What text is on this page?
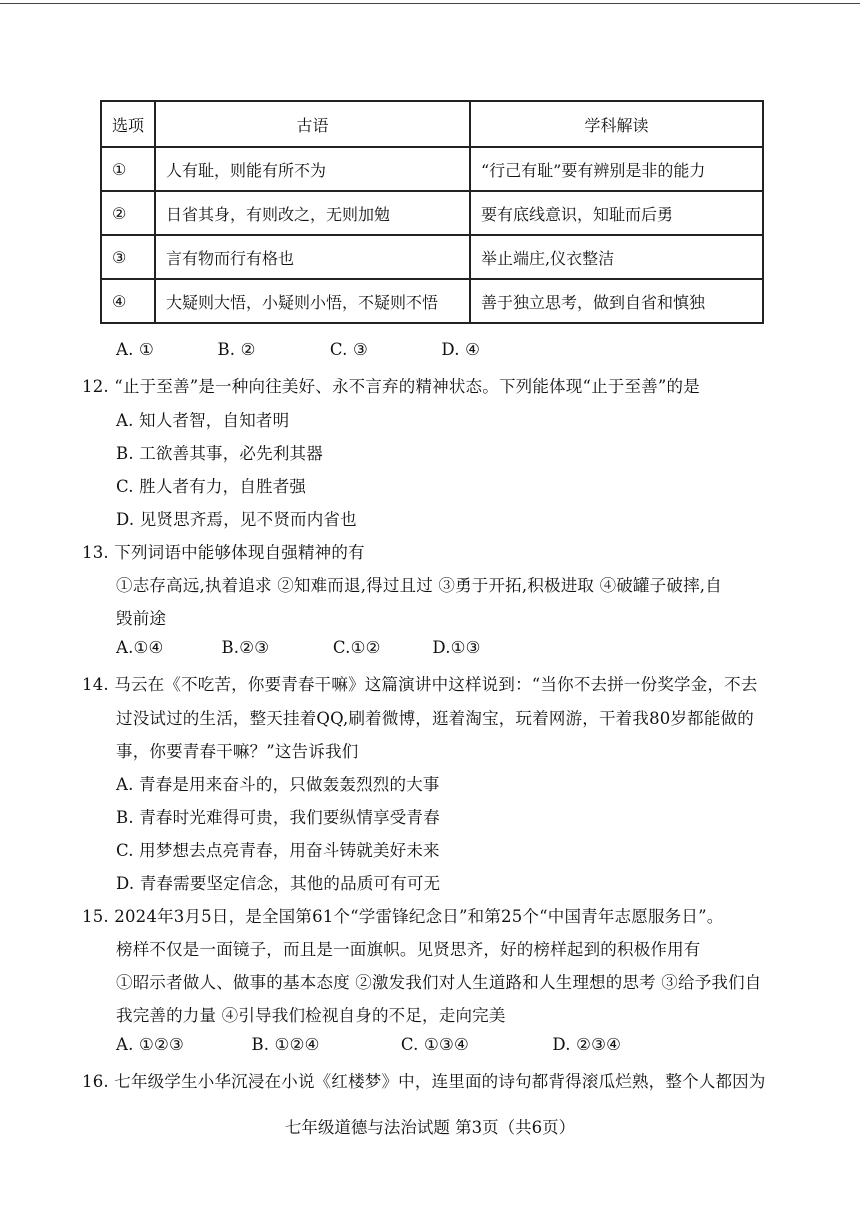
选项	古语	学科解读
①	人有耻，则能有所不为	“行己有耻”要有辨别是非的能力
②	日省其身，有则改之，无则加勉	要有底线意识，知耻而后勇
③	言有物而行有格也	举止端庄,仪衣整洁
④	大疑则大悟，小疑则小悟，不疑则不悟	善于独立思考，做到自省和慎独
A. ①	B. ②	C. ③	D. ④
12. “止于至善”是一种向往美好、永不言弃的精神状态。下列能体现“止于至善”的是
A. 知人者智，自知者明
B. 工欲善其事，必先利其器
C. 胜人者有力，自胜者强
D. 见贤思齐焉，见不贤而内省也
13. 下列词语中能够体现自强精神的有
①志存高远,执着追求 ②知难而退,得过且过 ③勇于开拓,积极进取 ④破罐子破摔,自
毁前途
A.①④	B.②③	C.①②	D.①③
14. 马云在《不吃苦，你要青春干嘛》这篇演讲中这样说到：“当你不去拼一份奖学金，不去
过没试过的生活，整天挂着QQ,刷着微博，逛着淘宝，玩着网游，干着我80岁都能做的
事，你要青春干嘛？”这告诉我们
A. 青春是用来奋斗的，只做轰轰烈烈的大事
B. 青春时光难得可贵，我们要纵情享受青春
C. 用梦想去点亮青春，用奋斗铸就美好未来
D. 青春需要坚定信念，其他的品质可有可无
15. 2024年3月5日，是全国第61个“学雷锋纪念日”和第25个“中国青年志愿服务日”。
榜样不仅是一面镜子，而且是一面旗帜。见贤思齐，好的榜样起到的积极作用有
①昭示者做人、做事的基本态度 ②激发我们对人生道路和人生理想的思考 ③给予我们自
我完善的力量 ④引导我们检视自身的不足，走向完美
A. ①②③	B. ①②④	C. ①③④	D. ②③④
16. 七年级学生小华沉浸在小说《红楼梦》中，连里面的诗句都背得滚瓜烂熟，整个人都因为
七年级道德与法治试题 第3页（共6页）
